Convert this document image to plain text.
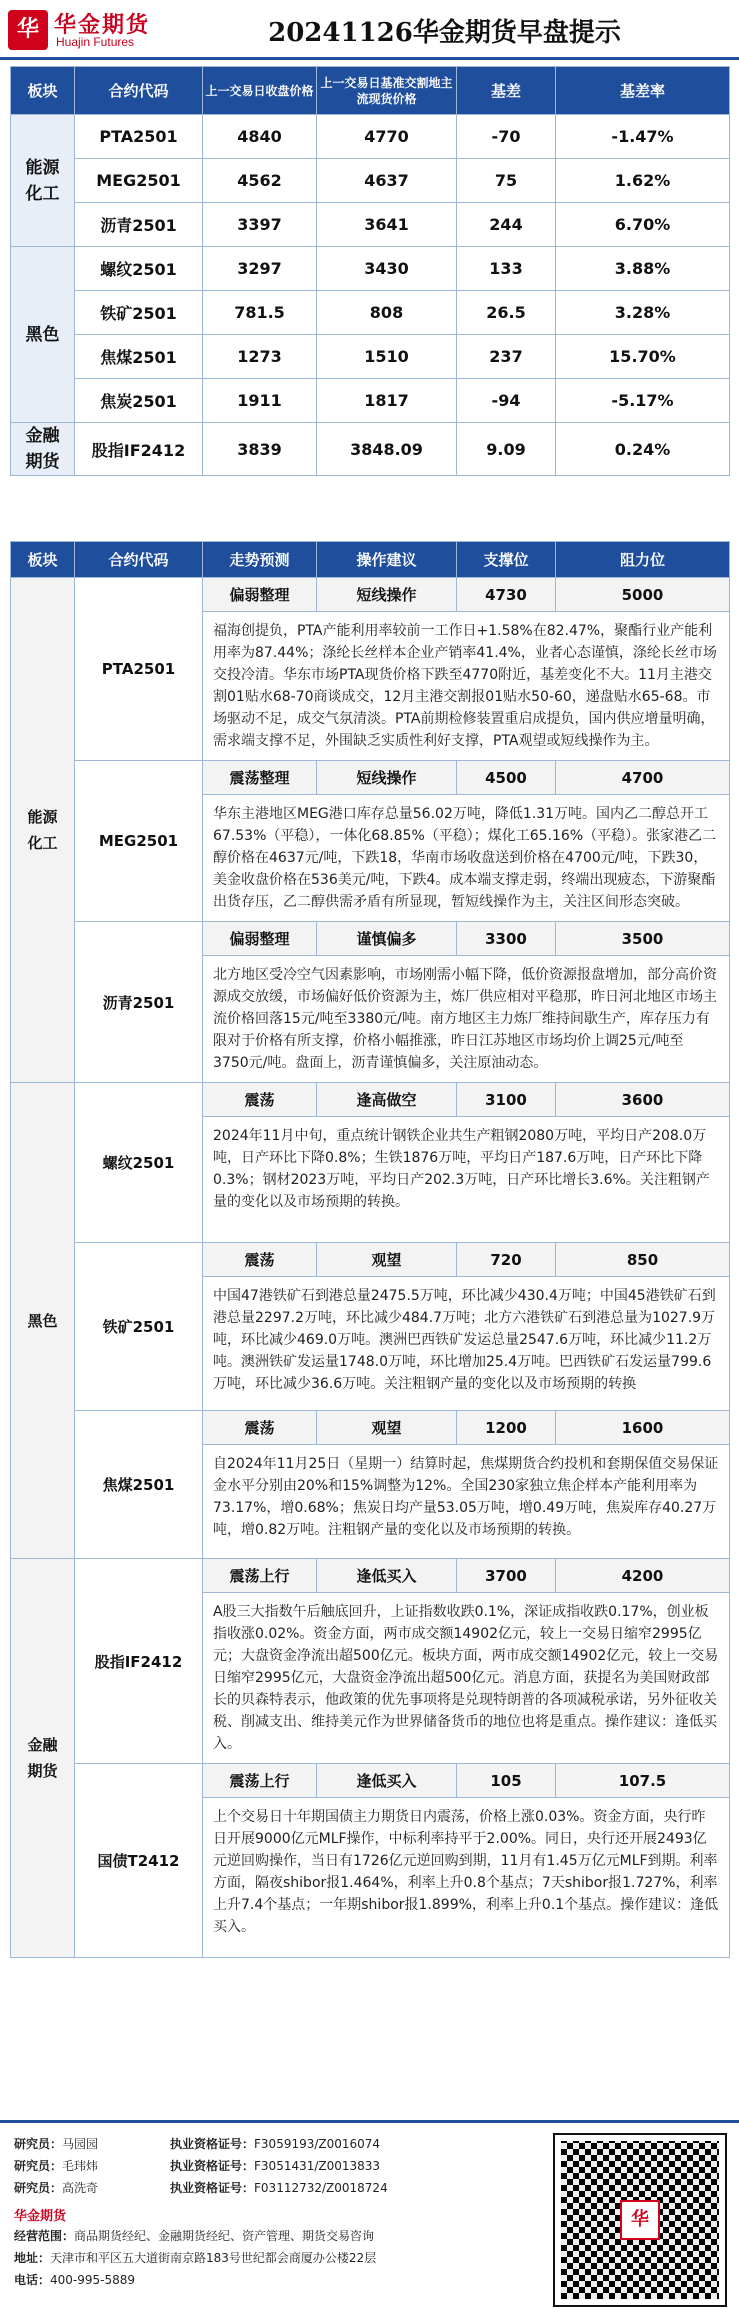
华 华金期货
Huajin Futures	20241126华金期货早盘提示
板块	合约代码	上一交易日收盘价格	上一交易日基准交割地主流现货价格	基差	基差率

能源
化工	PTA2501	4840	4770	-70	-1.47%
	MEG2501	4562	4637	75	1.62%
	沥青2501	3397	3641	244	6.70%

黑色	螺纹2501	3297	3430	133	3.88%
	铁矿2501	781.5	808	26.5	3.28%
	焦煤2501	1273	1510	237	15.70%
	焦炭2501	1911	1817	-94	-5.17%

金融
期货	股指IF2412	3839	3848.09	9.09	0.24%
板块	合约代码	走势预测	操作建议	支撑位	阻力位

能源
化工	PTA2501	偏弱整理	短线操作	4730	5000
		福海创提负，PTA产能利用率较前一工作日+1.58%在82.47%，聚酯行业产能利用率为87.44%；涤纶长丝样本企业产销率41.4%，业者心态谨慎，涤纶长丝市场交投冷清。华东市场PTA现货价格下跌至4770附近，基差变化不大。11月主港交割01贴水68-70商谈成交，12月主港交割报01贴水50-60，递盘贴水65-68。市场驱动不足，成交气氛清淡。PTA前期检修装置重启成提负，国内供应增量明确，需求端支撑不足，外围缺乏实质性利好支撑，PTA观望或短线操作为主。			
	MEG2501	震荡整理	短线操作	4500	4700
		华东主港地区MEG港口库存总量56.02万吨，降低1.31万吨。国内乙二醇总开工67.53%（平稳），一体化68.85%（平稳）；煤化工65.16%（平稳）。张家港乙二醇价格在4637元/吨，下跌18，华南市场收盘送到价格在4700元/吨，下跌30，美金收盘价格在536美元/吨，下跌4。成本端支撑走弱，终端出现疲态，下游聚酯出货存压，乙二醇供需矛盾有所显现，暂短线操作为主，关注区间形态突破。			
	沥青2501	偏弱整理	谨慎偏多	3300	3500
		北方地区受冷空气因素影响，市场刚需小幅下降，低价资源报盘增加，部分高价资源成交放缓，市场偏好低价资源为主，炼厂供应相对平稳那，昨日河北地区市场主流价格回落15元/吨至3380元/吨。南方地区主力炼厂维持间歇生产，库存压力有限对于价格有所支撑，价格小幅推涨，昨日江苏地区市场均价上调25元/吨至3750元/吨。盘面上，沥青谨慎偏多，关注原油动态。			

黑色	螺纹2501	震荡	逢高做空	3100	3600
		2024年11月中旬，重点统计钢铁企业共生产粗钢2080万吨，平均日产208.0万吨，日产环比下降0.8%；生铁1876万吨，平均日产187.6万吨，日产环比下降0.3%；钢材2023万吨，平均日产202.3万吨，日产环比增长3.6%。关注粗钢产量的变化以及市场预期的转换。			
	铁矿2501	震荡	观望	720	850
		中国47港铁矿石到港总量2475.5万吨，环比减少430.4万吨；中国45港铁矿石到港总量2297.2万吨，环比减少484.7万吨；北方六港铁矿石到港总量为1027.9万吨，环比减少469.0万吨。澳洲巴西铁矿发运总量2547.6万吨，环比减少11.2万吨。澳洲铁矿发运量1748.0万吨，环比增加25.4万吨。巴西铁矿石发运量799.6万吨，环比减少36.6万吨。关注粗钢产量的变化以及市场预期的转换			
	焦煤2501	震荡	观望	1200	1600
		自2024年11月25日（星期一）结算时起，焦煤期货合约投机和套期保值交易保证金水平分别由20%和15%调整为12%。全国230家独立焦企样本产能利用率为73.17%，增0.68%；焦炭日均产量53.05万吨，增0.49万吨，焦炭库存40.27万吨，增0.82万吨。注粗钢产量的变化以及市场预期的转换。			

金融
期货	股指IF2412	震荡上行	逢低买入	3700	4200
		A股三大指数午后触底回升，上证指数收跌0.1%，深证成指收跌0.17%，创业板指收涨0.02%。资金方面，两市成交额14902亿元，较上一交易日缩窄2995亿元；大盘资金净流出超500亿元。板块方面，两市成交额14902亿元，较上一交易日缩窄2995亿元，大盘资金净流出超500亿元。消息方面，获提名为美国财政部长的贝森特表示，他政策的优先事项将是兑现特朗普的各项减税承诺，另外征收关税、削减支出、维持美元作为世界储备货币的地位也将是重点。操作建议：逢低买入。			
	国债T2412	震荡上行	逢低买入	105	107.5
		上个交易日十年期国债主力期货日内震荡，价格上涨0.03%。资金方面，央行昨日开展9000亿元MLF操作，中标利率持平于2.00%。同日，央行还开展2493亿元逆回购操作，当日有1726亿元逆回购到期，11月有1.45万亿元MLF到期。利率方面，隔夜shibor报1.464%，利率上升0.8个基点；7天shibor报1.727%，利率上升7.4个基点；一年期shibor报1.899%，利率上升0.1个基点。操作建议：逢低买入。			
研究员：马园园	执业资格证号：F3059193/Z0016074
研究员：毛玮炜	执业资格证号：F3051431/Z0013833
研究员：高洗奇	执业资格证号：F03112732/Z0018724
华金期货
经营范围：商品期货经纪、金融期货经纪、资产管理、期货交易咨询
地址：天津市和平区五大道街南京路183号世纪都会商厦办公楼22层
电话：400-995-5889
华
